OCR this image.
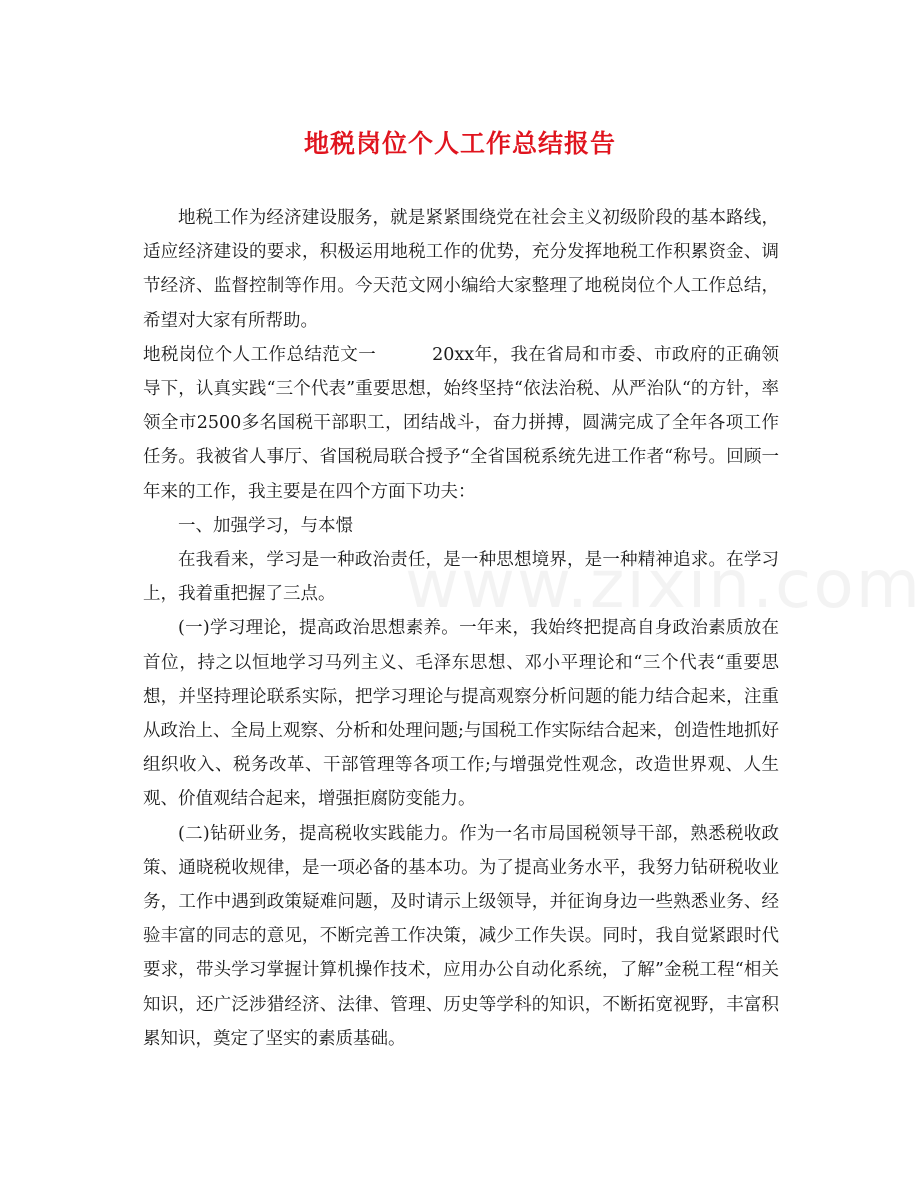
地税岗位个人工作总结报告

地税工作为经济建设服务，就是紧紧围绕党在社会主义初级阶段的基本路线，适应经济建设的要求，积极运用地税工作的优势，充分发挥地税工作积累资金、调节经济、监督控制等作用。今天范文网小编给大家整理了地税岗位个人工作总结，希望对大家有所帮助。

地税岗位个人工作总结范文一	20xx年，我在省局和市委、市政府的正确领导下，认真实践“三个代表”重要思想，始终坚持“依法治税、从严治队“的方针，率领全市2500多名国税干部职工，团结战斗，奋力拼搏，圆满完成了全年各项工作任务。我被省人事厅、省国税局联合授予“全省国税系统先进工作者“称号。回顾一年来的工作，我主要是在四个方面下功夫：

一、加强学习，与本憬

在我看来，学习是一种政治责任，是一种思想境界，是一种精神追求。在学习上，我着重把握了三点。

(一)学习理论，提高政治思想素养。一年来，我始终把提高自身政治素质放在首位，持之以恒地学习马列主义、毛泽东思想、邓小平理论和“三个代表“重要思想，并坚持理论联系实际，把学习理论与提高观察分析问题的能力结合起来，注重从政治上、全局上观察、分析和处理问题;与国税工作实际结合起来，创造性地抓好组织收入、税务改革、干部管理等各项工作;与增强党性观念，改造世界观、人生观、价值观结合起来，增强拒腐防变能力。

(二)钻研业务，提高税收实践能力。作为一名市局国税领导干部，熟悉税收政策、通晓税收规律，是一项必备的基本功。为了提高业务水平，我努力钻研税收业务，工作中遇到政策疑难问题，及时请示上级领导，并征询身边一些熟悉业务、经验丰富的同志的意见，不断完善工作决策，减少工作失误。同时，我自觉紧跟时代要求，带头学习掌握计算机操作技术，应用办公自动化系统，了解”金税工程“相关知识，还广泛涉猎经济、法律、管理、历史等学科的知识，不断拓宽视野，丰富积累知识，奠定了坚实的素质基础。
